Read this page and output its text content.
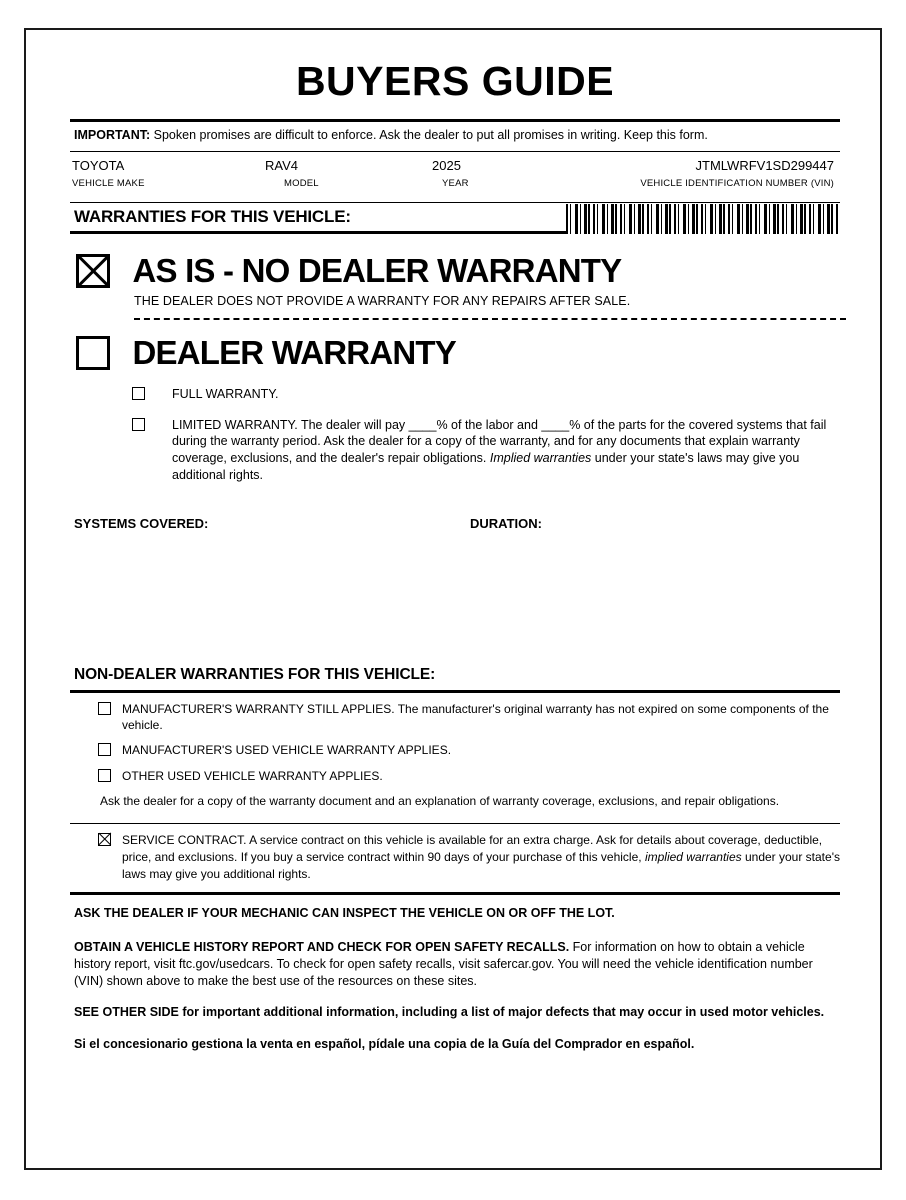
BUYERS GUIDE
IMPORTANT: Spoken promises are difficult to enforce. Ask the dealer to put all promises in writing. Keep this form.
TOYOTA
VEHICLE MAKE
RAV4
MODEL
2025
YEAR
JTMLWRFV1SD299447
VEHICLE IDENTIFICATION NUMBER (VIN)
WARRANTIES FOR THIS VEHICLE:
AS IS - NO DEALER WARRANTY
THE DEALER DOES NOT PROVIDE A WARRANTY FOR ANY REPAIRS AFTER SALE.
DEALER WARRANTY
FULL WARRANTY.
LIMITED WARRANTY. The dealer will pay ____% of the labor and ____% of the parts for the covered systems that fail during the warranty period. Ask the dealer for a copy of the warranty, and for any documents that explain warranty coverage, exclusions, and the dealer's repair obligations. Implied warranties under your state's laws may give you additional rights.
SYSTEMS COVERED:	DURATION:
NON-DEALER WARRANTIES FOR THIS VEHICLE:
MANUFACTURER'S WARRANTY STILL APPLIES. The manufacturer's original warranty has not expired on some components of the vehicle.
MANUFACTURER'S USED VEHICLE WARRANTY APPLIES.
OTHER USED VEHICLE WARRANTY APPLIES.
Ask the dealer for a copy of the warranty document and an explanation of warranty coverage, exclusions, and repair obligations.
SERVICE CONTRACT. A service contract on this vehicle is available for an extra charge. Ask for details about coverage, deductible, price, and exclusions. If you buy a service contract within 90 days of your purchase of this vehicle, implied warranties under your state's laws may give you additional rights.
ASK THE DEALER IF YOUR MECHANIC CAN INSPECT THE VEHICLE ON OR OFF THE LOT.
OBTAIN A VEHICLE HISTORY REPORT AND CHECK FOR OPEN SAFETY RECALLS. For information on how to obtain a vehicle history report, visit ftc.gov/usedcars. To check for open safety recalls, visit safercar.gov. You will need the vehicle identification number (VIN) shown above to make the best use of the resources on these sites.
SEE OTHER SIDE for important additional information, including a list of major defects that may occur in used motor vehicles.
Si el concesionario gestiona la venta en español, pídale una copia de la Guía del Comprador en español.
